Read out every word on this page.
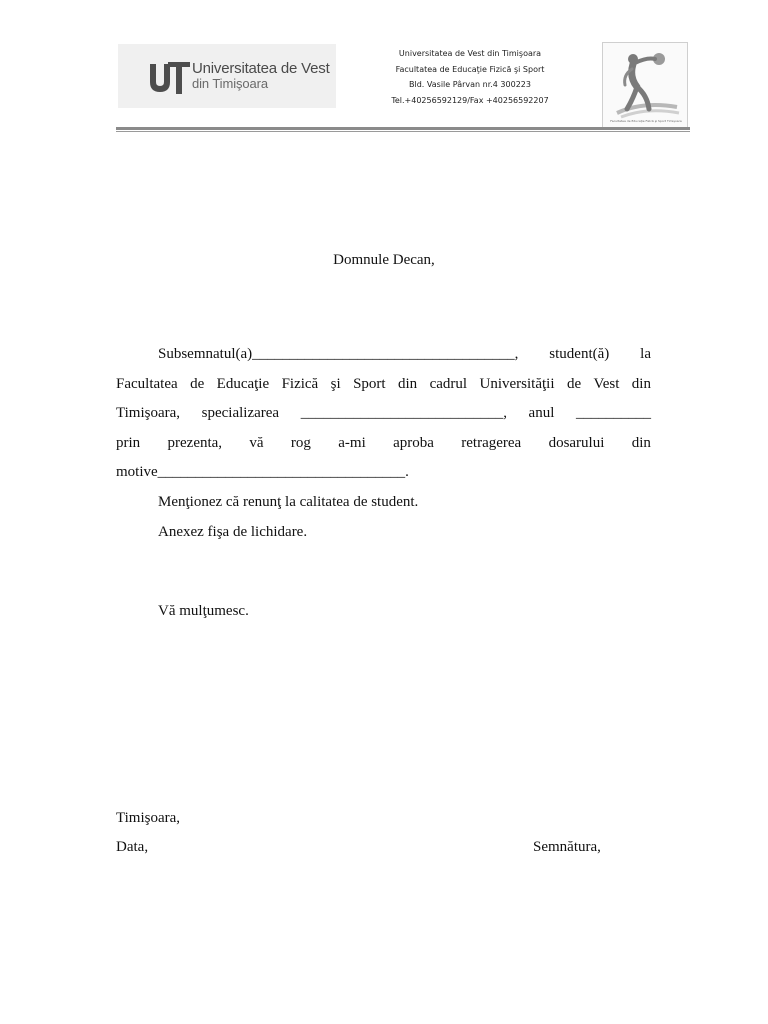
Universitatea de Vest
din Timişoara
Universitatea de Vest din Timişoara
Facultatea de Educaţie Fizică şi Sport
Bld. Vasile Pârvan nr.4 300223
Tel.+40256592129/Fax +40256592207
Facultatea de Educaţie Fizică şi Sport Timişoara
Domnule Decan,
Subsemnatul(a)___________________________________, student(ă) la
Facultatea de Educaţie Fizică şi Sport din cadrul Universităţii de Vest din
Timişoara, specializarea ___________________________, anul __________
prin prezenta, vă rog a-mi aproba retragerea dosarului din
motive_________________________________.
Menţionez că renunţ la calitatea de student.
Anexez fişa de lichidare.
Vă mulţumesc.
Timişoara,
Data,	Semnătura,
